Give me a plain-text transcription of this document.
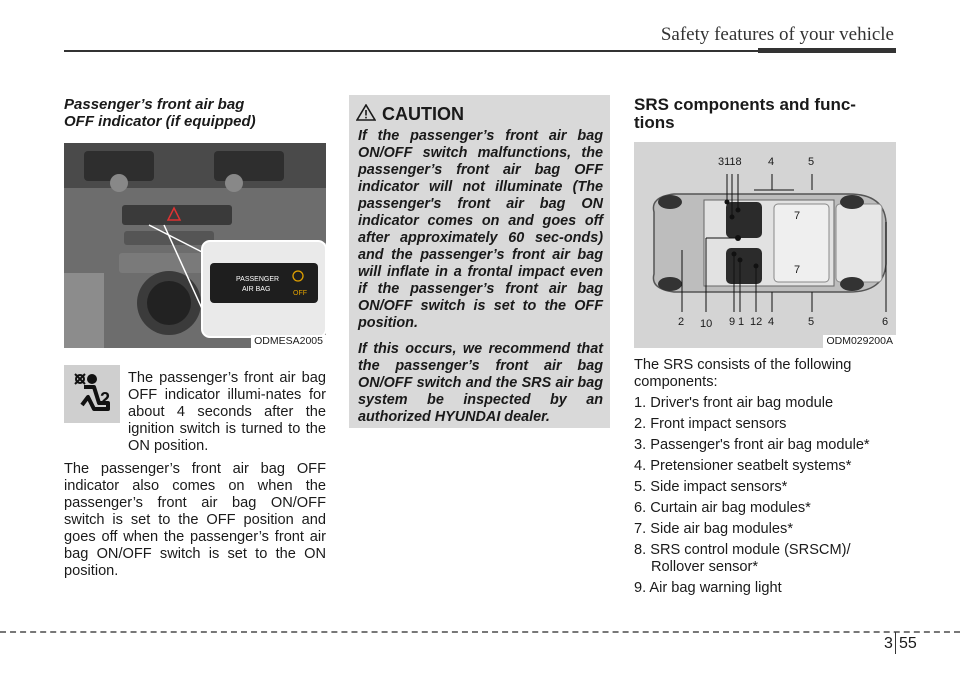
Safety features of your vehicle

Passenger’s front air bag

OFF indicator (if equipped)

PASSENGER
AIR BAG
OFF
ODMESA2005
2

The passenger’s front air bag OFF indicator illumi-nates for about 4 seconds after the ignition switch is turned to the ON position.

The passenger’s front air bag OFF indicator also comes on when the passenger’s front air bag ON/OFF switch is set to the OFF position and goes off when the passenger’s front air bag ON/OFF switch is set to the ON position.

CAUTION

If the passenger’s front air bag ON/OFF switch malfunctions, the passenger’s front air bag OFF indicator will not illuminate (The passenger's front air bag ON indicator comes on and goes off after approximately 60 sec-onds) and the passenger’s front air bag will inflate in a frontal impact even if the passenger’s front air bag ON/OFF switch is set to the OFF position.

If this occurs, we recommend that the passenger’s front air bag ON/OFF switch and the SRS air bag system be inspected by an authorized HYUNDAI dealer.

SRS components and func-
tions
3118 4	5
7
7
2 10 9 1 12 4	5	6
ODM029200A

The SRS consists of the following components:

1. Driver's front air bag module

2. Front impact sensors

3. Passenger's front air bag module*

4. Pretensioner seatbelt systems*

5. Side impact sensors*

6. Curtain air bag modules*

7. Side air bag modules*

8. SRS control module (SRSCM)/ Rollover sensor*

9. Air bag warning light

3 55
